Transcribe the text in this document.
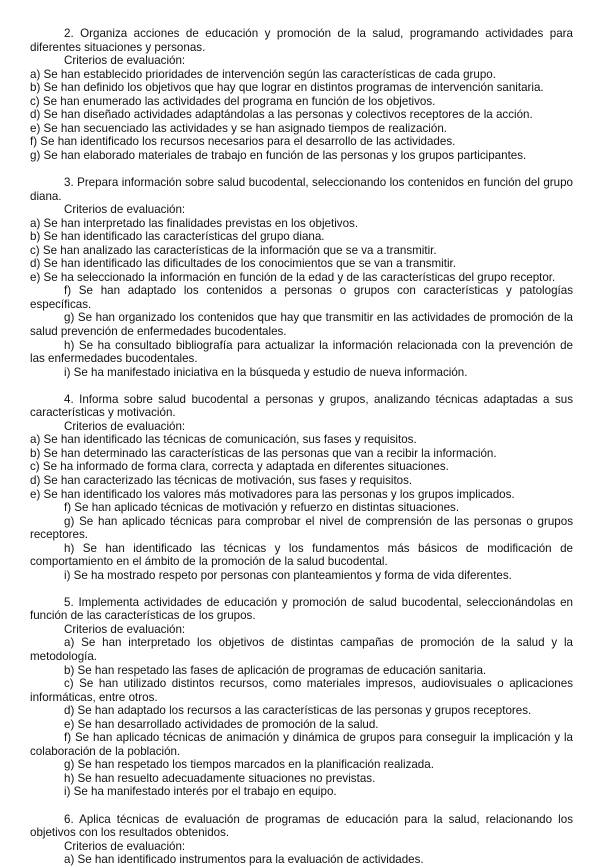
2. Organiza acciones de educación y promoción de la salud, programando actividades para diferentes situaciones y personas.

Criterios de evaluación:

a) Se han establecido prioridades de intervención según las características de cada grupo.

b) Se han definido los objetivos que hay que lograr en distintos programas de intervención sanitaria.

c) Se han enumerado las actividades del programa en función de los objetivos.

d) Se han diseñado actividades adaptándolas a las personas y colectivos receptores de la acción.

e) Se han secuenciado las actividades y se han asignado tiempos de realización.

f) Se han identificado los recursos necesarios para el desarrollo de las actividades.

g) Se han elaborado materiales de trabajo en función de las personas y los grupos participantes.

3. Prepara información sobre salud bucodental, seleccionando los contenidos en función del grupo diana.

Criterios de evaluación:

a) Se han interpretado las finalidades previstas en los objetivos.

b) Se han identificado las características del grupo diana.

c) Se han analizado las características de la información que se va a transmitir.

d) Se han identificado las dificultades de los conocimientos que se van a transmitir.

e) Se ha seleccionado la información en función de la edad y de las características del grupo receptor.

f) Se han adaptado los contenidos a personas o grupos con características y patologías específicas.

g) Se han organizado los contenidos que hay que transmitir en las actividades de promoción de la salud prevención de enfermedades bucodentales.

h) Se ha consultado bibliografía para actualizar la información relacionada con la prevención de las enfermedades bucodentales.

i) Se ha manifestado iniciativa en la búsqueda y estudio de nueva información.

4. Informa sobre salud bucodental a personas y grupos, analizando técnicas adaptadas a sus características y motivación.

Criterios de evaluación:

a) Se han identificado las técnicas de comunicación, sus fases y requisitos.

b) Se han determinado las características de las personas que van a recibir la información.

c) Se ha informado de forma clara, correcta y adaptada en diferentes situaciones.

d) Se han caracterizado las técnicas de motivación, sus fases y requisitos.

e) Se han identificado los valores más motivadores para las personas y los grupos implicados.

f) Se han aplicado técnicas de motivación y refuerzo en distintas situaciones.

g) Se han aplicado técnicas para comprobar el nivel de comprensión de las personas o grupos receptores.

h) Se han identificado las técnicas y los fundamentos más básicos de modificación de comportamiento en el ámbito de la promoción de la salud bucodental.

i) Se ha mostrado respeto por personas con planteamientos y forma de vida diferentes.

5. Implementa actividades de educación y promoción de salud bucodental, seleccionándolas en función de las características de los grupos.

Criterios de evaluación:

a) Se han interpretado los objetivos de distintas campañas de promoción de la salud y la metodología.

b) Se han respetado las fases de aplicación de programas de educación sanitaria.

c) Se han utilizado distintos recursos, como materiales impresos, audiovisuales o aplicaciones informáticas, entre otros.

d) Se han adaptado los recursos a las características de las personas y grupos receptores.

e) Se han desarrollado actividades de promoción de la salud.

f) Se han aplicado técnicas de animación y dinámica de grupos para conseguir la implicación y la colaboración de la población.

g) Se han respetado los tiempos marcados en la planificación realizada.

h) Se han resuelto adecuadamente situaciones no previstas.

i) Se ha manifestado interés por el trabajo en equipo.

6. Aplica técnicas de evaluación de programas de educación para la salud, relacionando los objetivos con los resultados obtenidos.

Criterios de evaluación:

a) Se han identificado instrumentos para la evaluación de actividades.
